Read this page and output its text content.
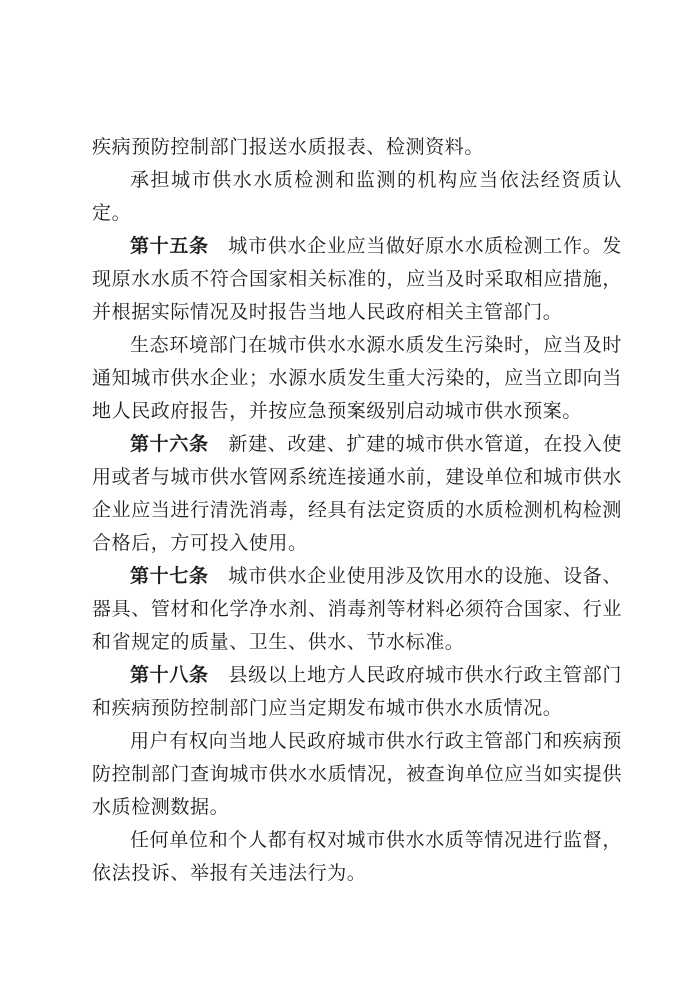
疾病预防控制部门报送水质报表、检测资料。

承担城市供水水质检测和监测的机构应当依法经资质认定。

第十五条　城市供水企业应当做好原水水质检测工作。发现原水水质不符合国家相关标准的，应当及时采取相应措施，并根据实际情况及时报告当地人民政府相关主管部门。

生态环境部门在城市供水水源水质发生污染时，应当及时通知城市供水企业；水源水质发生重大污染的，应当立即向当地人民政府报告，并按应急预案级别启动城市供水预案。

第十六条　新建、改建、扩建的城市供水管道，在投入使用或者与城市供水管网系统连接通水前，建设单位和城市供水企业应当进行清洗消毒，经具有法定资质的水质检测机构检测合格后，方可投入使用。

第十七条　城市供水企业使用涉及饮用水的设施、设备、器具、管材和化学净水剂、消毒剂等材料必须符合国家、行业和省规定的质量、卫生、供水、节水标准。

第十八条　县级以上地方人民政府城市供水行政主管部门和疾病预防控制部门应当定期发布城市供水水质情况。

用户有权向当地人民政府城市供水行政主管部门和疾病预防控制部门查询城市供水水质情况，被查询单位应当如实提供水质检测数据。

任何单位和个人都有权对城市供水水质等情况进行监督，依法投诉、举报有关违法行为。
